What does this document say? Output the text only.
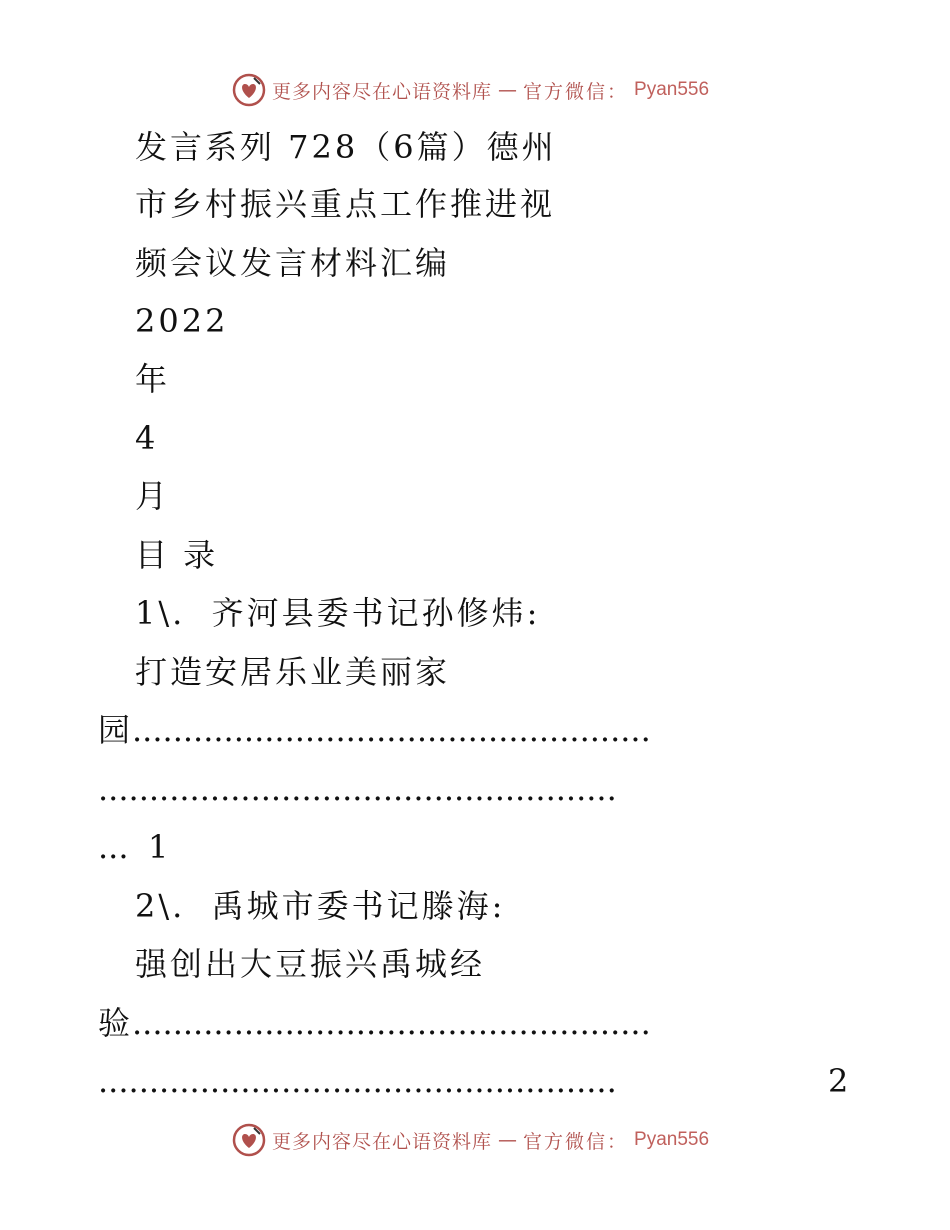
更多内容尽在心语资料库 — 官方微信： Pyan556
发言系列 728（6篇）德州
市乡村振兴重点工作推进视
频会议发言材料汇编
2022
年
4
月
目 录
1\.  齐河县委书记孙修炜:
打造安居乐业美丽家
园
...................................................
...................................................
... 1
2\.  禹城市委书记滕海:
强创出大豆振兴禹城经
验
...................................................
...................................................	2
更多内容尽在心语资料库 — 官方微信： Pyan556
